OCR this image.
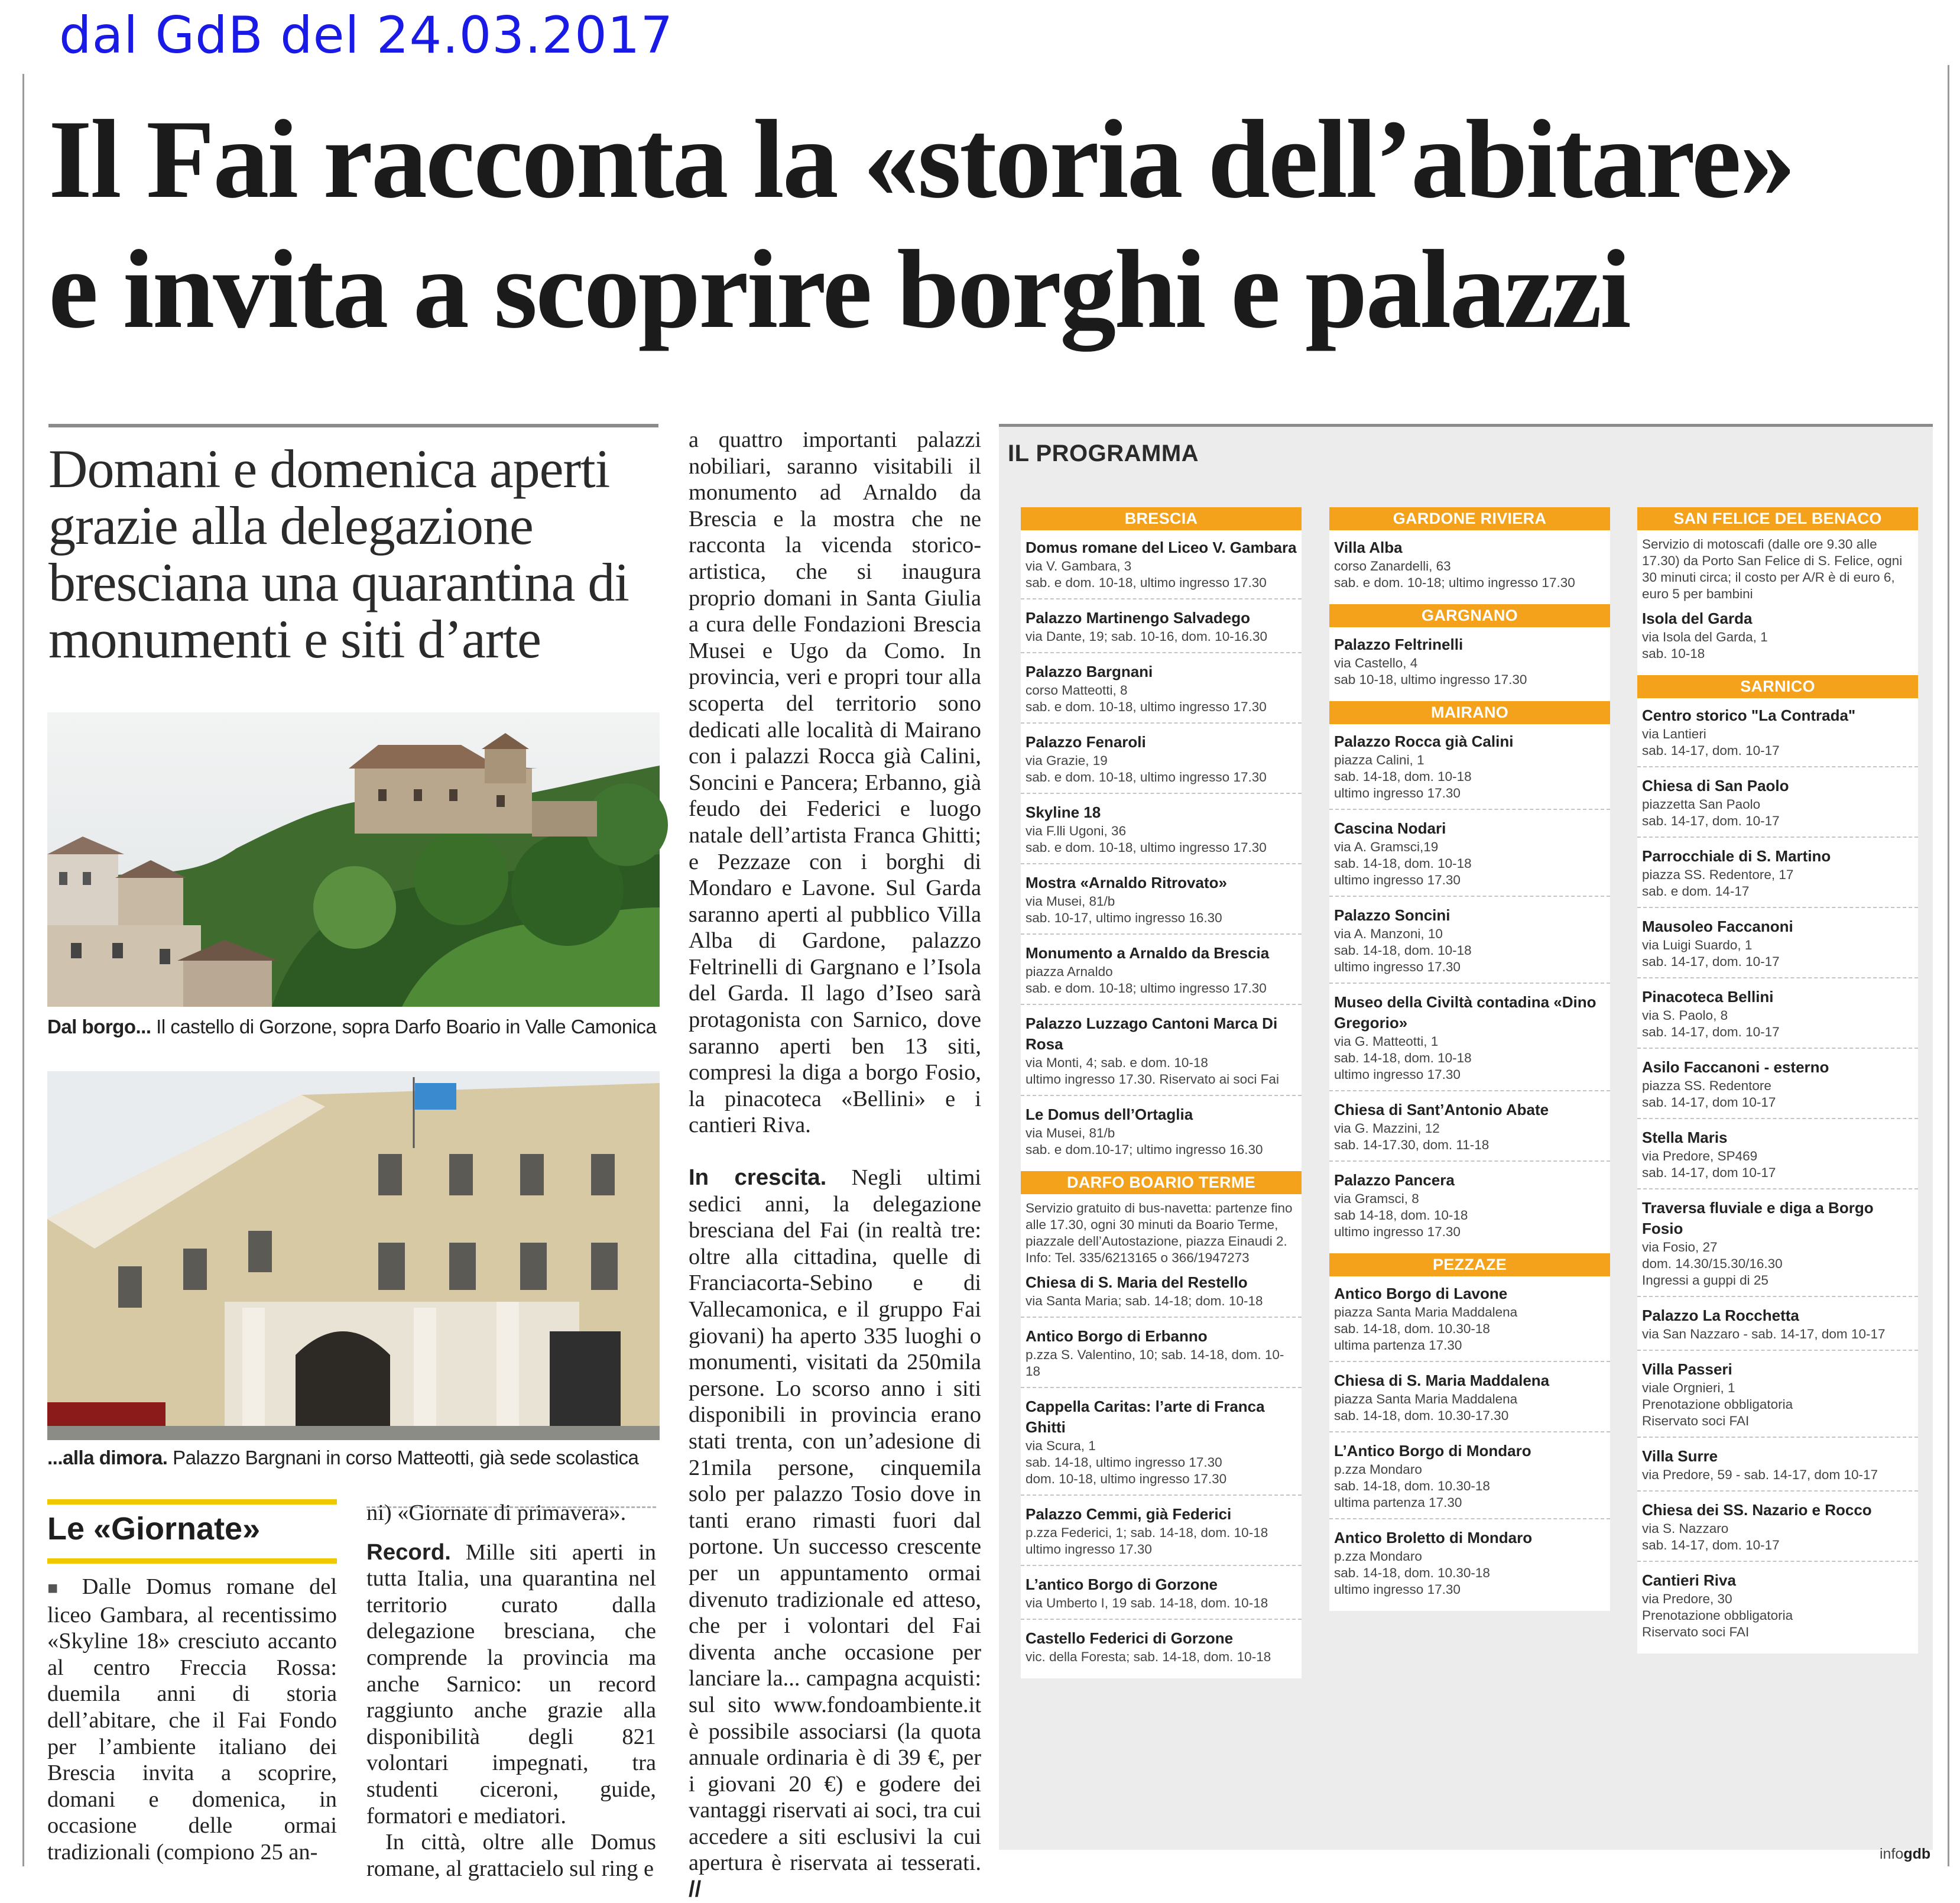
dal GdB del 24.03.2017
Il Fai racconta la «storia dell’abitare»
e invita a scoprire borghi e palazzi
Domani e domenica aperti grazie alla delegazione bresciana una quarantina di monumenti e siti d’arte
Dal borgo... Il castello di Gorzone, sopra Darfo Boario in Valle Camonica
...alla dimora. Palazzo Bargnani in corso Matteotti, già sede scolastica
Le «Giornate»

■ Dalle Domus romane del liceo Gambara, al recentissimo «Skyline 18» cresciuto accanto al centro Freccia Rossa: duemila anni di storia dell’abitare, che il Fai Fondo per l’ambiente italiano dei Brescia invita a scoprire, domani e domenica, in occasione delle ormai tradizionali (compiono 25 an-

ni) «Giornate di primavera».

Record. Mille siti aperti in tutta Italia, una quarantina nel territorio curato dalla delegazione bresciana, che comprende la provincia ma anche Sarnico: un record raggiunto anche grazie alla disponibilità degli 821 volontari impegnati, tra studenti ciceroni, guide, formatori e mediatori.

In città, oltre alle Domus romane, al grattacielo sul ring e

a quattro importanti palazzi nobiliari, saranno visitabili il monumento ad Arnaldo da Brescia e la mostra che ne racconta la vicenda storico-artistica, che si inaugura proprio domani in Santa Giulia a cura delle Fondazioni Brescia Musei e Ugo da Como. In provincia, veri e propri tour alla scoperta del territorio sono dedicati alle località di Mairano con i palazzi Rocca già Calini, Soncini e Pancera; Erbanno, già feudo dei Federici e luogo natale dell’artista Franca Ghitti; e Pezzaze con i borghi di Mondaro e Lavone. Sul Garda saranno aperti al pubblico Villa Alba di Gardone, palazzo Feltrinelli di Gargnano e l’Isola del Garda. Il lago d’Iseo sarà protagonista con Sarnico, dove saranno aperti ben 13 siti, compresi la diga a borgo Fosio, la pinacoteca «Bellini» e i cantieri Riva.

In crescita. Negli ultimi sedici anni, la delegazione bresciana del Fai (in realtà tre: oltre alla cittadina, quelle di Franciacorta-Sebino e di Vallecamonica, e il gruppo Fai giovani) ha aperto 335 luoghi o monumenti, visitati da 250mila persone. Lo scorso anno i siti disponibili in provincia erano stati trenta, con un’adesione di 21mila persone, cinquemila solo per palazzo Tosio dove in tanti erano rimasti fuori dal portone. Un successo crescente per un appuntamento ormai divenuto tradizionale ed atteso, che per i volontari del Fai diventa anche occasione per lanciare la... campagna acquisti: sul sito www.fondoambiente.it è possibile associarsi (la quota annuale ordinaria è di 39 €, per i giovani 20 €) e godere dei vantaggi riservati ai soci, tra cui accedere a siti esclusivi la cui apertura è riservata ai tesserati. //

IL PROGRAMMA
BRESCIA
Domus romane del Liceo V. Gambara
via V. Gambara, 3
sab. e dom. 10-18, ultimo ingresso 17.30
Palazzo Martinengo Salvadego
via Dante, 19; sab. 10-16, dom. 10-16.30
Palazzo Bargnani
corso Matteotti, 8
sab. e dom. 10-18, ultimo ingresso 17.30
Palazzo Fenaroli
via Grazie, 19
sab. e dom. 10-18, ultimo ingresso 17.30
Skyline 18
via F.lli Ugoni, 36
sab. e dom. 10-18, ultimo ingresso 17.30
Mostra «Arnaldo Ritrovato»
via Musei, 81/b
sab. 10-17, ultimo ingresso 16.30
Monumento a Arnaldo da Brescia
piazza Arnaldo
sab. e dom. 10-18; ultimo ingresso 17.30
Palazzo Luzzago Cantoni Marca Di Rosa
via Monti, 4; sab. e dom. 10-18
ultimo ingresso 17.30. Riservato ai soci Fai
Le Domus dell’Ortaglia
via Musei, 81/b
sab. e dom.10-17; ultimo ingresso 16.30
DARFO BOARIO TERME
Servizio gratuito di bus-navetta: partenze fino alle 17.30, ogni 30 minuti da Boario Terme, piazzale dell’Autostazione, piazza Einaudi 2. Info: Tel. 335/6213165 o 366/1947273
Chiesa di S. Maria del Restello
via Santa Maria; sab. 14-18; dom. 10-18
Antico Borgo di Erbanno
p.zza S. Valentino, 10; sab. 14-18, dom. 10-18
Cappella Caritas: l’arte di Franca Ghitti
via Scura, 1
sab. 14-18, ultimo ingresso 17.30
dom. 10-18, ultimo ingresso 17.30
Palazzo Cemmi, già Federici
p.zza Federici, 1; sab. 14-18, dom. 10-18
ultimo ingresso 17.30
L’antico Borgo di Gorzone
via Umberto I, 19 sab. 14-18, dom. 10-18
Castello Federici di Gorzone
vic. della Foresta; sab. 14-18, dom. 10-18
GARDONE RIVIERA
Villa Alba
corso Zanardelli, 63
sab. e dom. 10-18; ultimo ingresso 17.30
GARGNANO
Palazzo Feltrinelli
via Castello, 4
sab 10-18, ultimo ingresso 17.30
MAIRANO
Palazzo Rocca già Calini
piazza Calini, 1
sab. 14-18, dom. 10-18
ultimo ingresso 17.30
Cascina Nodari
via A. Gramsci,19
sab. 14-18, dom. 10-18
ultimo ingresso 17.30
Palazzo Soncini
via A. Manzoni, 10
sab. 14-18, dom. 10-18
ultimo ingresso 17.30
Museo della Civiltà contadina «Dino Gregorio»
via G. Matteotti, 1
sab. 14-18, dom. 10-18
ultimo ingresso 17.30
Chiesa di Sant’Antonio Abate
via G. Mazzini, 12
sab. 14-17.30, dom. 11-18
Palazzo Pancera
via Gramsci, 8
sab 14-18, dom. 10-18
ultimo ingresso 17.30
PEZZAZE
Antico Borgo di Lavone
piazza Santa Maria Maddalena
sab. 14-18, dom. 10.30-18
ultima partenza 17.30
Chiesa di S. Maria Maddalena
piazza Santa Maria Maddalena
sab. 14-18, dom. 10.30-17.30
L’Antico Borgo di Mondaro
p.zza Mondaro
sab. 14-18, dom. 10.30-18
ultima partenza 17.30
Antico Broletto di Mondaro
p.zza Mondaro
sab. 14-18, dom. 10.30-18
ultimo ingresso 17.30
SAN FELICE DEL BENACO
Servizio di motoscafi (dalle ore 9.30 alle 17.30) da Porto San Felice di S. Felice, ogni 30 minuti circa; il costo per A/R è di euro 6, euro 5 per bambini
Isola del Garda
via Isola del Garda, 1
sab. 10-18
SARNICO
Centro storico "La Contrada"
via Lantieri
sab. 14-17, dom. 10-17
Chiesa di San Paolo
piazzetta San Paolo
sab. 14-17, dom. 10-17
Parrocchiale di S. Martino
piazza SS. Redentore, 17
sab. e dom. 14-17
Mausoleo Faccanoni
via Luigi Suardo, 1
sab. 14-17, dom. 10-17
Pinacoteca Bellini
via S. Paolo, 8
sab. 14-17, dom. 10-17
Asilo Faccanoni - esterno
piazza SS. Redentore
sab. 14-17, dom 10-17
Stella Maris
via Predore, SP469
sab. 14-17, dom 10-17
Traversa fluviale e diga a Borgo Fosio
via Fosio, 27
dom. 14.30/15.30/16.30
Ingressi a guppi di 25
Palazzo La Rocchetta
via San Nazzaro - sab. 14-17, dom 10-17
Villa Passeri
viale Orgnieri, 1
Prenotazione obbligatoria
Riservato soci FAI
Villa Surre
via Predore, 59 - sab. 14-17, dom 10-17
Chiesa dei SS. Nazario e Rocco
via S. Nazzaro
sab. 14-17, dom. 10-17
Cantieri Riva
via Predore, 30
Prenotazione obbligatoria
Riservato soci FAI
infogdb
